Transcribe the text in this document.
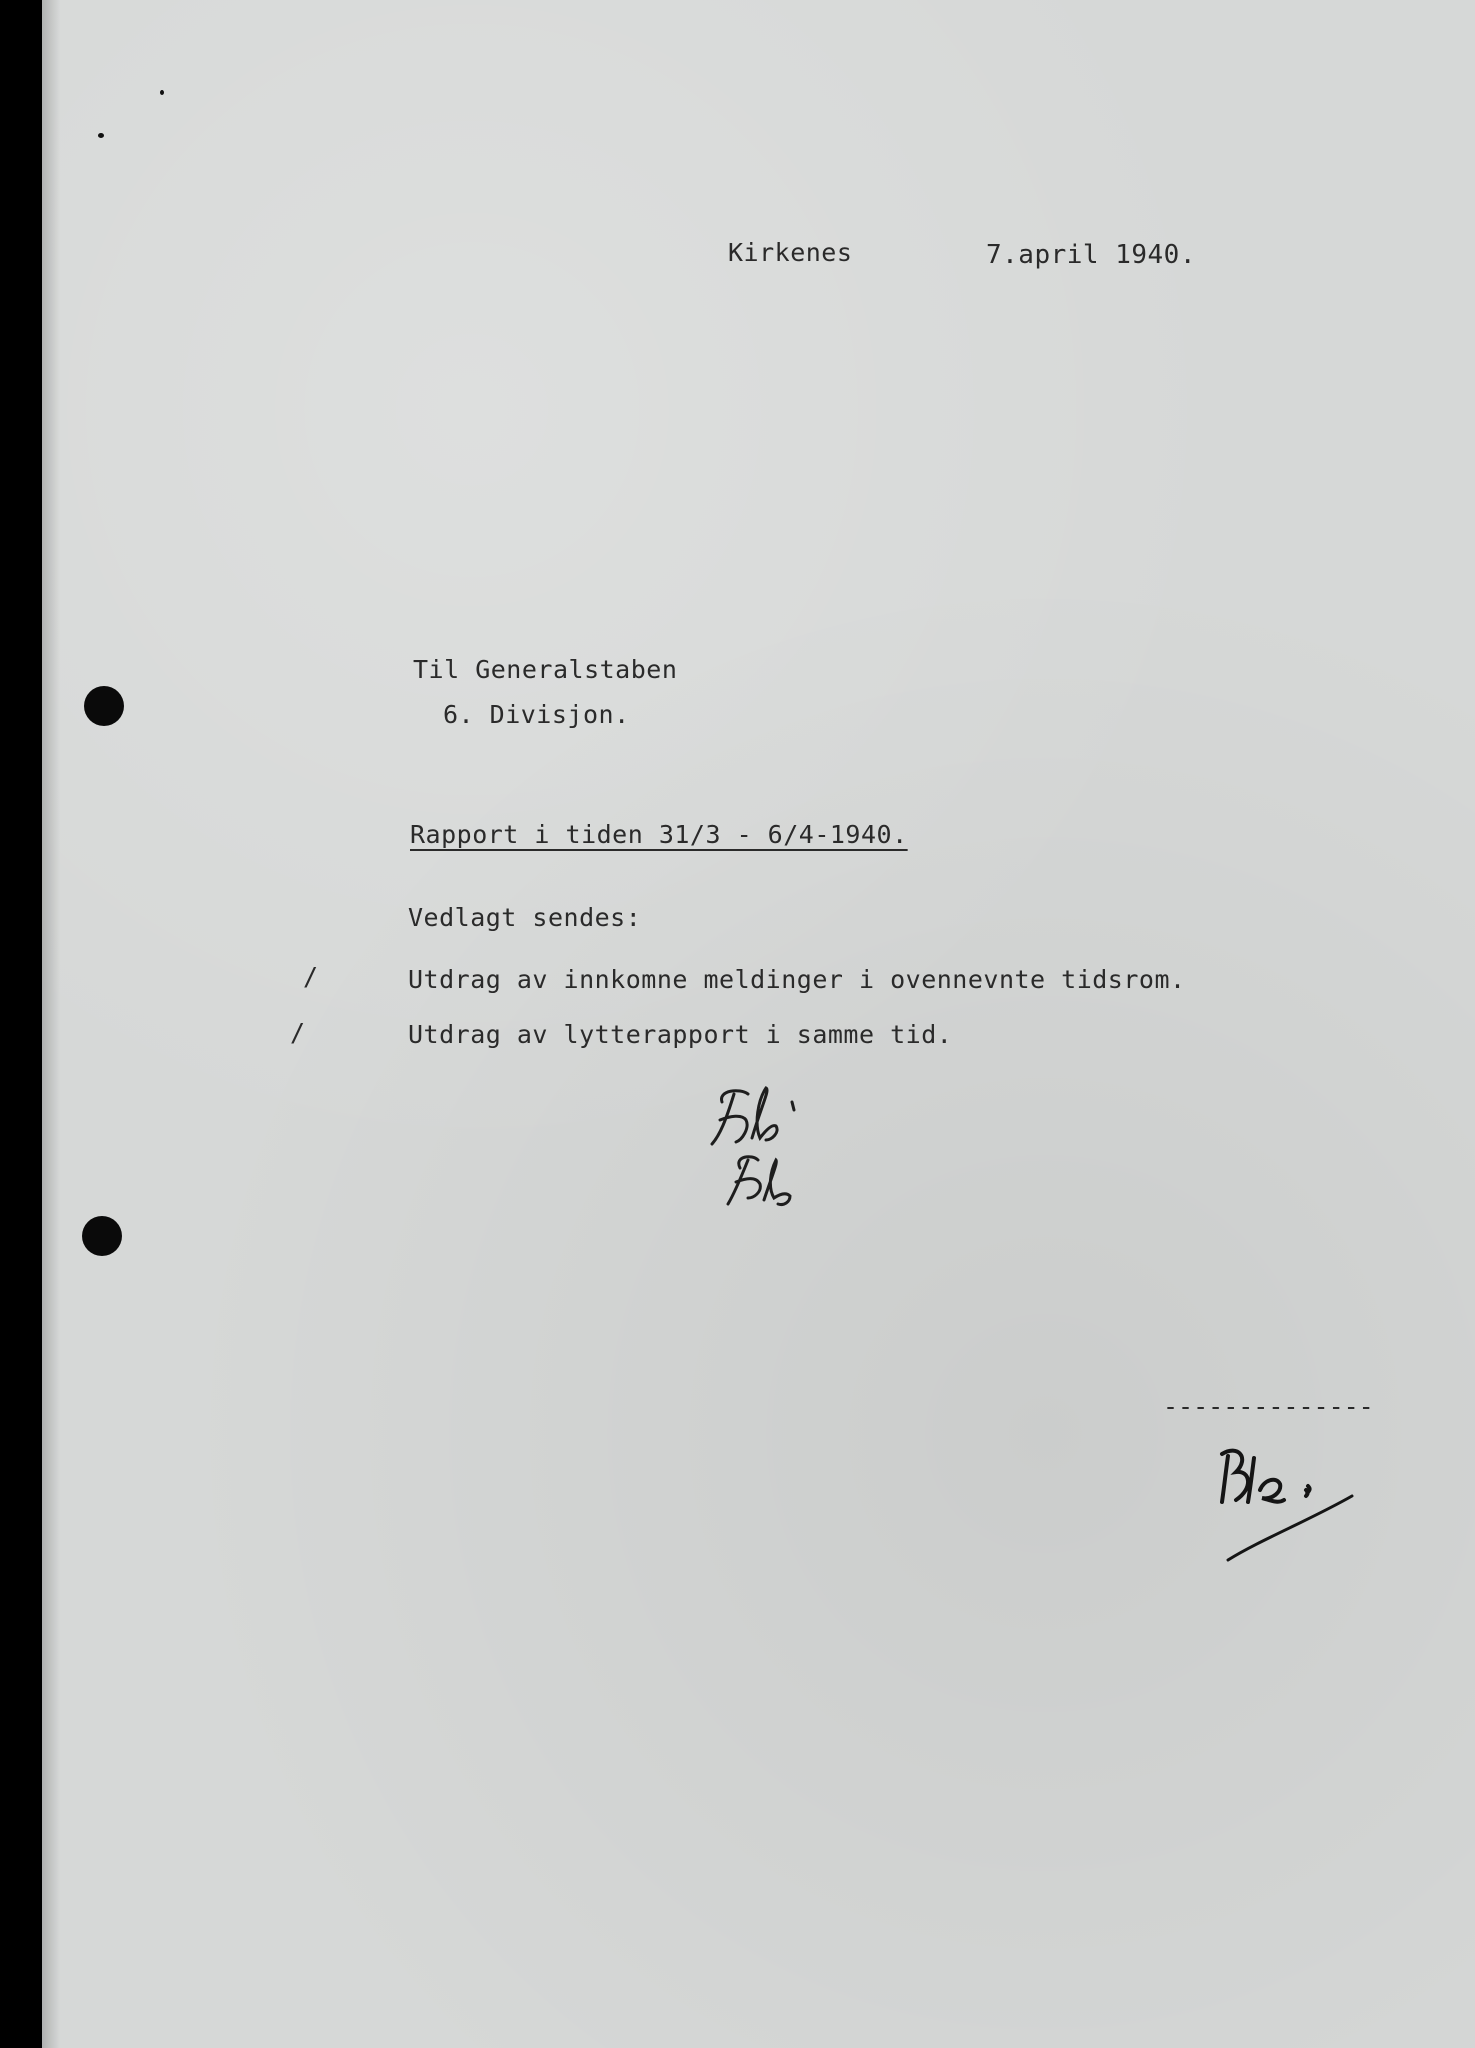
Kirkenes	7.april 1940.
Til Generalstaben
6. Divisjon.
Rapport i tiden 31/3 - 6/4-1940.
Vedlagt sendes:
/	Utdrag av innkomne meldinger i ovennevnte tidsrom.
/	Utdrag av lytterapport i samme tid.
--------------
